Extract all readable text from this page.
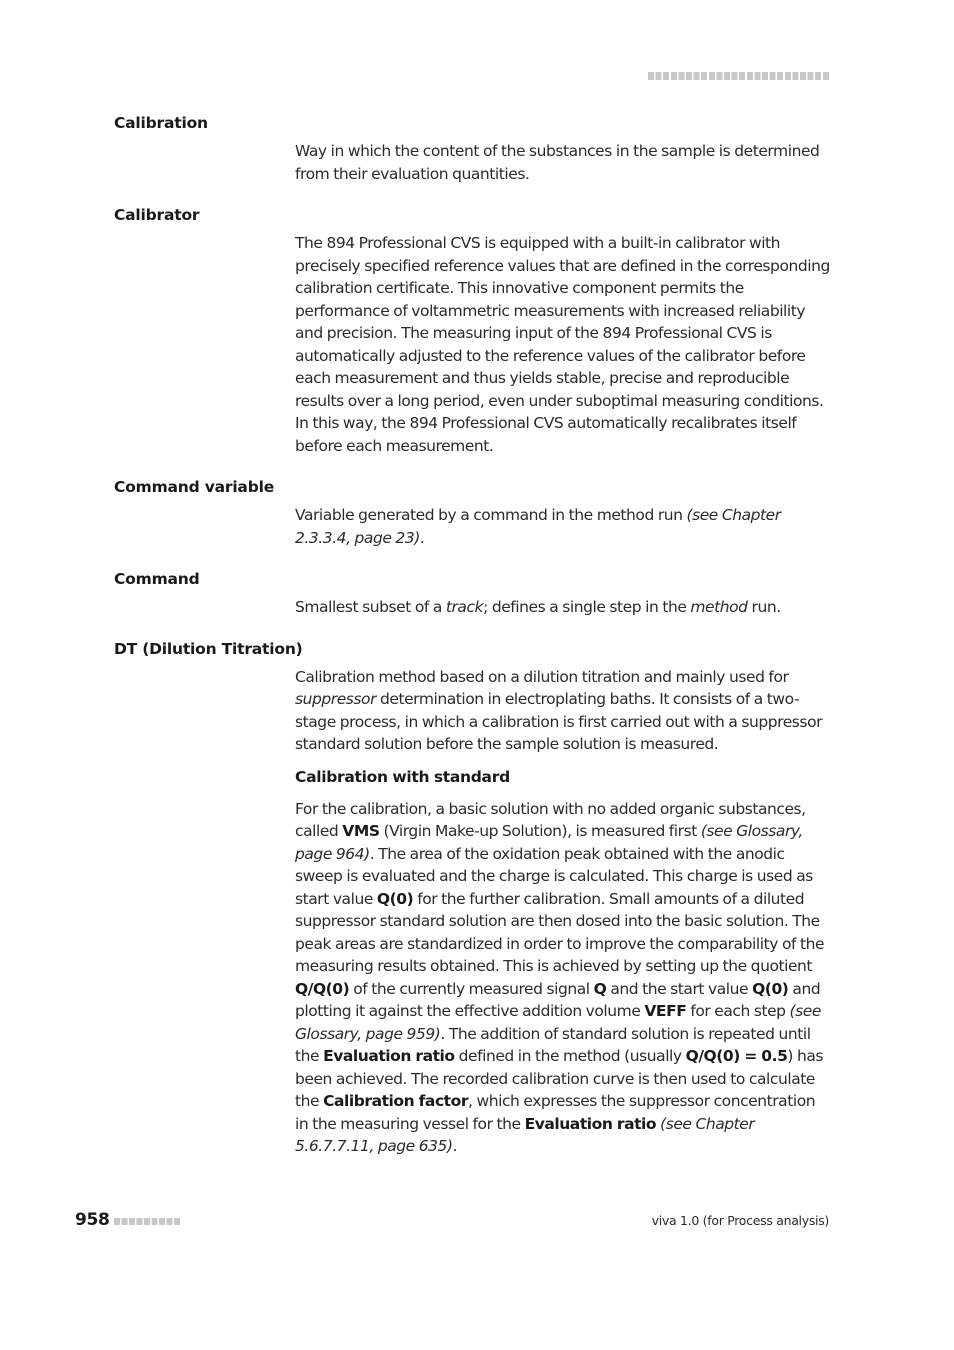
Calibration

Way in which the content of the substances in the sample is determined from their evaluation quantities.

Calibrator

The 894 Professional CVS is equipped with a built-in calibrator with precisely specified reference values that are defined in the corresponding calibration certificate. This innovative component permits the performance of voltammetric measurements with increased reliability and precision. The measuring input of the 894 Professional CVS is automatically adjusted to the reference values of the calibrator before each measurement and thus yields stable, precise and reproducible results over a long period, even under suboptimal measuring conditions. In this way, the 894 Professional CVS automatically recalibrates itself before each measurement.

Command variable

Variable generated by a command in the method run (see Chapter 2.3.3.4, page 23).

Command

Smallest subset of a track; defines a single step in the method run.

DT (Dilution Titration)

Calibration method based on a dilution titration and mainly used for suppressor determination in electroplating baths. It consists of a two-stage process, in which a calibration is first carried out with a suppressor standard solution before the sample solution is measured.

Calibration with standard

For the calibration, a basic solution with no added organic substances, called VMS (Virgin Make-up Solution), is measured first (see Glossary, page 964). The area of the oxidation peak obtained with the anodic sweep is evaluated and the charge is calculated. This charge is used as start value Q(0) for the further calibration. Small amounts of a diluted suppressor standard solution are then dosed into the basic solution. The peak areas are standardized in order to improve the comparability of the measuring results obtained. This is achieved by setting up the quotient Q/Q(0) of the currently measured signal Q and the start value Q(0) and plotting it against the effective addition volume VEFF for each step (see Glossary, page 959). The addition of standard solution is repeated until the Evaluation ratio defined in the method (usually Q/Q(0) = 0.5) has been achieved. The recorded calibration curve is then used to calculate the Calibration factor, which expresses the suppressor concentration in the measuring vessel for the Evaluation ratio (see Chapter 5.6.7.7.11, page 635).

958	viva 1.0 (for Process analysis)
